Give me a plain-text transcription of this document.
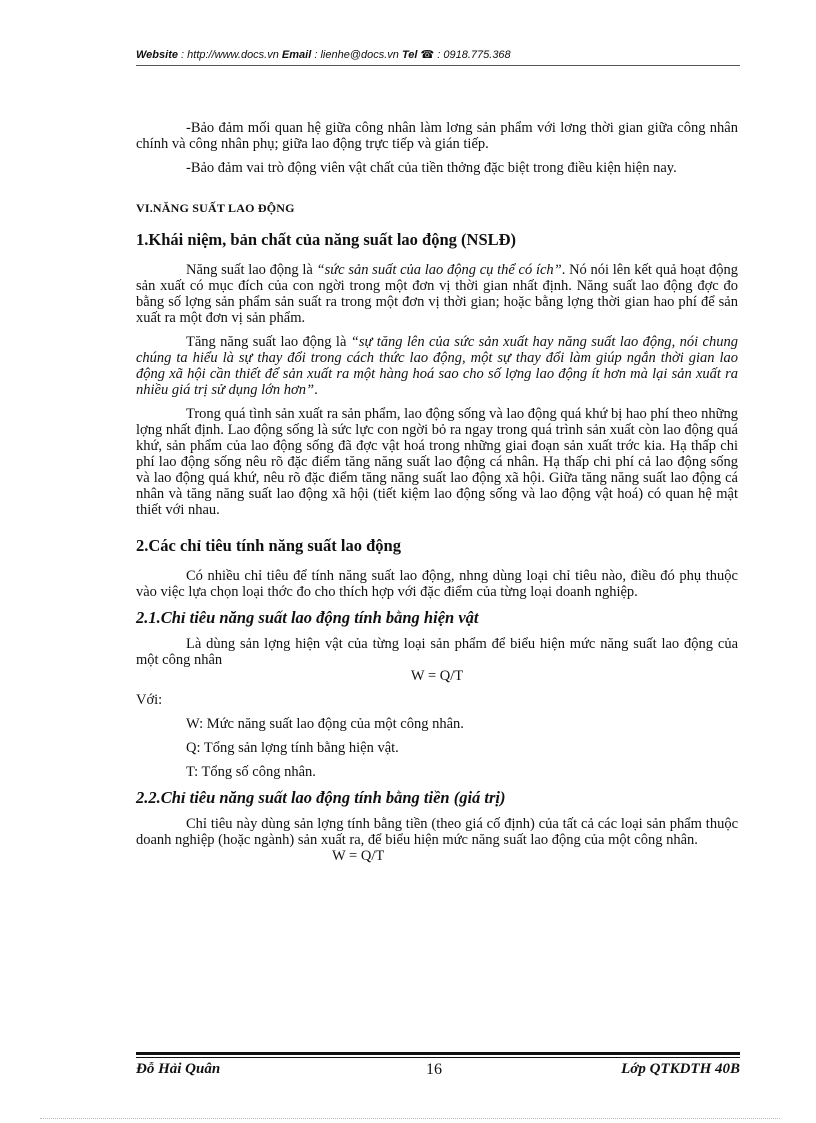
Website : http://www.docs.vn Email : lienhe@docs.vn Tel ☎ : 0918.775.368

-Bảo đảm mối quan hệ giữa công nhân làm lơng sản phẩm với lơng thời gian giữa công nhân chính và công nhân phụ; giữa lao động trực tiếp và gián tiếp.

-Bảo đảm vai trò động viên vật chất của tiền thởng đặc biệt trong điều kiện hiện nay.

VI.NĂNG SUẤT LAO ĐỘNG
1.Khái niệm, bản chất của năng suất lao động (NSLĐ)

Năng suất lao động là “sức sản suất của lao động cụ thể có ích”. Nó nói lên kết quả hoạt động sản xuất có mục đích của con ngời trong một đơn vị thời gian nhất định. Năng suất lao động đợc đo bằng số lợng sản phẩm sản suất ra trong một đơn vị thời gian; hoặc bằng lợng thời gian hao phí để sản xuất ra một đơn vị sản phẩm.

Tăng năng suất lao động là “sự tăng lên của sức sản xuất hay năng suất lao động, nói chung chúng ta hiểu là sự thay đổi trong cách thức lao động, một sự thay đổi làm giúp ngắn thời gian lao động xã hội cần thiết để sản xuất ra một hàng hoá sao cho số lợng lao động ít hơn mà lại sản xuất ra nhiều giá trị sử dụng lớn hơn”.

Trong quá tình sản xuất ra sản phẩm, lao động sống và lao động quá khứ bị hao phí theo những lợng nhất định. Lao động sống là sức lực con ngời bỏ ra ngay trong quá trình sản xuất còn lao động quá khứ, sản phẩm của lao động sống đã đợc vật hoá trong những giai đoạn sản xuất trớc kia. Hạ thấp chi phí lao động sống nêu rõ đặc điểm tăng năng suất lao động cá nhân. Hạ thấp chi phí cả lao động sống và lao động quá khứ, nêu rõ đặc điểm tăng năng suất lao động xã hội. Giữa tăng năng suất lao động cá nhân và tăng năng suất lao động xã hội (tiết kiệm lao động sống và lao động vật hoá) có quan hệ mật thiết với nhau.

2.Các chỉ tiêu tính năng suất lao động

Có nhiều chỉ tiêu để tính năng suất lao động, nhng dùng loại chỉ tiêu nào, điều đó phụ thuộc vào việc lựa chọn loại thớc đo cho thích hợp với đặc điểm của từng loại doanh nghiệp.

2.1.Chỉ tiêu năng suất lao động tính bằng hiện vật

Là dùng sản lợng hiện vật của từng loại sản phẩm để biểu hiện mức năng suất lao động của một công nhân

W = Q/T

Với:

W: Mức năng suất lao động của một công nhân.

Q: Tổng sản lợng tính bằng hiện vật.

T: Tổng số công nhân.

2.2.Chỉ tiêu năng suất lao động tính bằng tiền (giá trị)

Chỉ tiêu này dùng sản lợng tính bằng tiền (theo giá cố định) của tất cả các loại sản phẩm thuộc doanh nghiệp (hoặc ngành) sản xuất ra, để biểu hiện mức năng suất lao động của một công nhân.

W = Q/T

Đỗ Hải Quân	16	Lớp QTKDTH 40B
